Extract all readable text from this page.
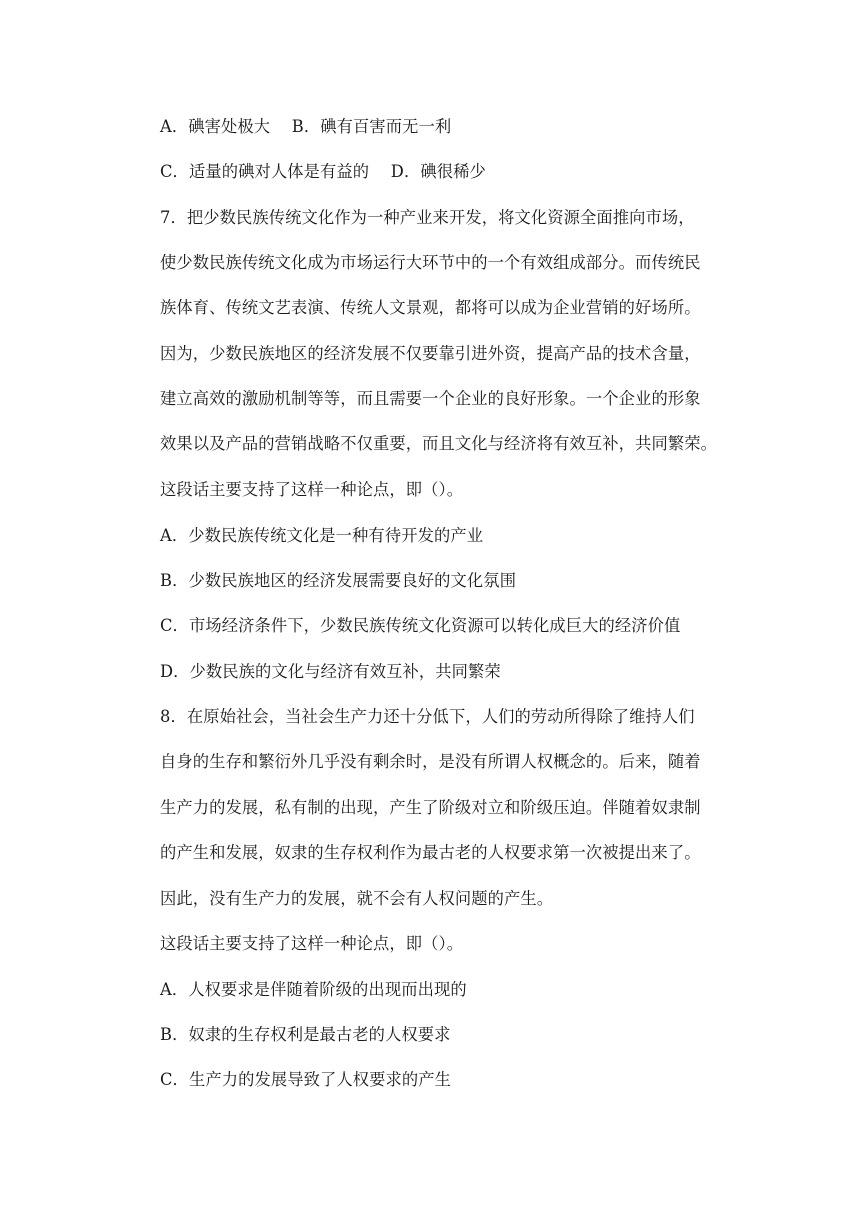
A．碘害处极大　 B．碘有百害而无一利
C．适量的碘对人体是有益的　 D．碘很稀少
7．把少数民族传统文化作为一种产业来开发，将文化资源全面推向市场，
使少数民族传统文化成为市场运行大环节中的一个有效组成部分。而传统民
族体育、传统文艺表演、传统人文景观，都将可以成为企业营销的好场所。
因为，少数民族地区的经济发展不仅要靠引进外资，提高产品的技术含量，
建立高效的激励机制等等，而且需要一个企业的良好形象。一个企业的形象
效果以及产品的营销战略不仅重要，而且文化与经济将有效互补，共同繁荣。
这段话主要支持了这样一种论点，即（）。
A．少数民族传统文化是一种有待开发的产业
B．少数民族地区的经济发展需要良好的文化氛围
C．市场经济条件下，少数民族传统文化资源可以转化成巨大的经济价值
D．少数民族的文化与经济有效互补，共同繁荣
8．在原始社会，当社会生产力还十分低下，人们的劳动所得除了维持人们
自身的生存和繁衍外几乎没有剩余时，是没有所谓人权概念的。后来，随着
生产力的发展，私有制的出现，产生了阶级对立和阶级压迫。伴随着奴隶制
的产生和发展，奴隶的生存权利作为最古老的人权要求第一次被提出来了。
因此，没有生产力的发展，就不会有人权问题的产生。
这段话主要支持了这样一种论点，即（）。
A．人权要求是伴随着阶级的出现而出现的
B．奴隶的生存权利是最古老的人权要求
C．生产力的发展导致了人权要求的产生
